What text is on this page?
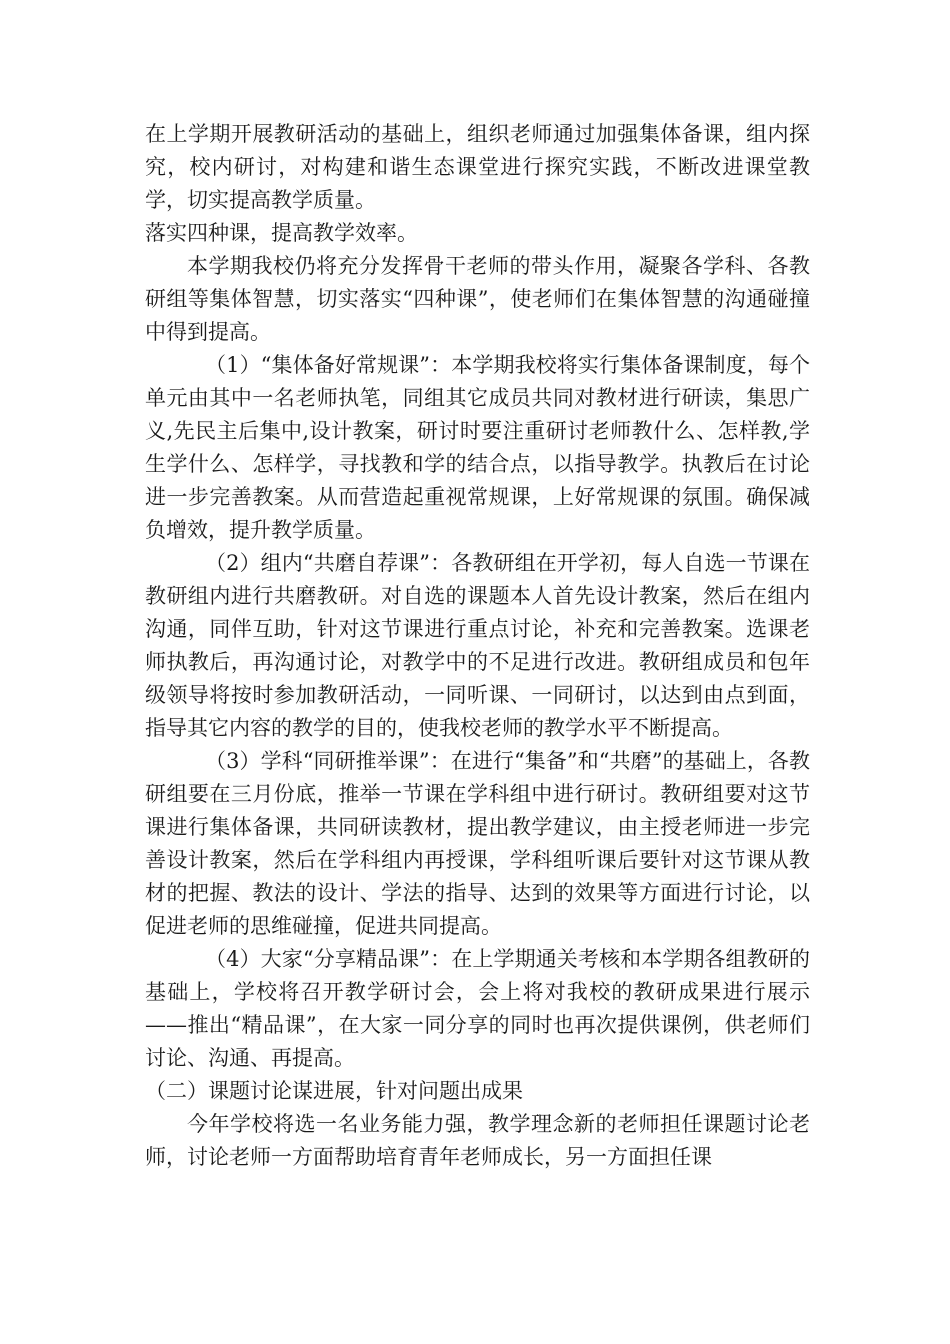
在上学期开展教研活动的基础上，组织老师通过加强集体备课，组内探究，校内研讨，对构建和谐生态课堂进行探究实践，不断改进课堂教学，切实提高教学质量。

落实四种课，提高教学效率。

本学期我校仍将充分发挥骨干老师的带头作用，凝聚各学科、各教研组等集体智慧，切实落实“四种课”，使老师们在集体智慧的沟通碰撞中得到提高。

（1）“集体备好常规课”：本学期我校将实行集体备课制度，每个单元由其中一名老师执笔，同组其它成员共同对教材进行研读，集思广义,先民主后集中,设计教案，研讨时要注重研讨老师教什么、怎样教,学生学什么、怎样学，寻找教和学的结合点，以指导教学。执教后在讨论进一步完善教案。从而营造起重视常规课，上好常规课的氛围。确保减负增效，提升教学质量。

（2）组内“共磨自荐课”：各教研组在开学初，每人自选一节课在教研组内进行共磨教研。对自选的课题本人首先设计教案，然后在组内沟通，同伴互助，针对这节课进行重点讨论，补充和完善教案。选课老师执教后，再沟通讨论，对教学中的不足进行改进。教研组成员和包年级领导将按时参加教研活动，一同听课、一同研讨，以达到由点到面，指导其它内容的教学的目的，使我校老师的教学水平不断提高。

（3）学科“同研推举课”：在进行“集备”和“共磨”的基础上，各教研组要在三月份底，推举一节课在学科组中进行研讨。教研组要对这节课进行集体备课，共同研读教材，提出教学建议，由主授老师进一步完善设计教案，然后在学科组内再授课，学科组听课后要针对这节课从教材的把握、教法的设计、学法的指导、达到的效果等方面进行讨论，以促进老师的思维碰撞，促进共同提高。

（4）大家“分享精品课”：在上学期通关考核和本学期各组教研的基础上，学校将召开教学研讨会，会上将对我校的教研成果进行展示——推出“精品课”，在大家一同分享的同时也再次提供课例，供老师们讨论、沟通、再提高。

（二）课题讨论谋进展，针对问题出成果

今年学校将选一名业务能力强，教学理念新的老师担任课题讨论老师，讨论老师一方面帮助培育青年老师成长，另一方面担任课
